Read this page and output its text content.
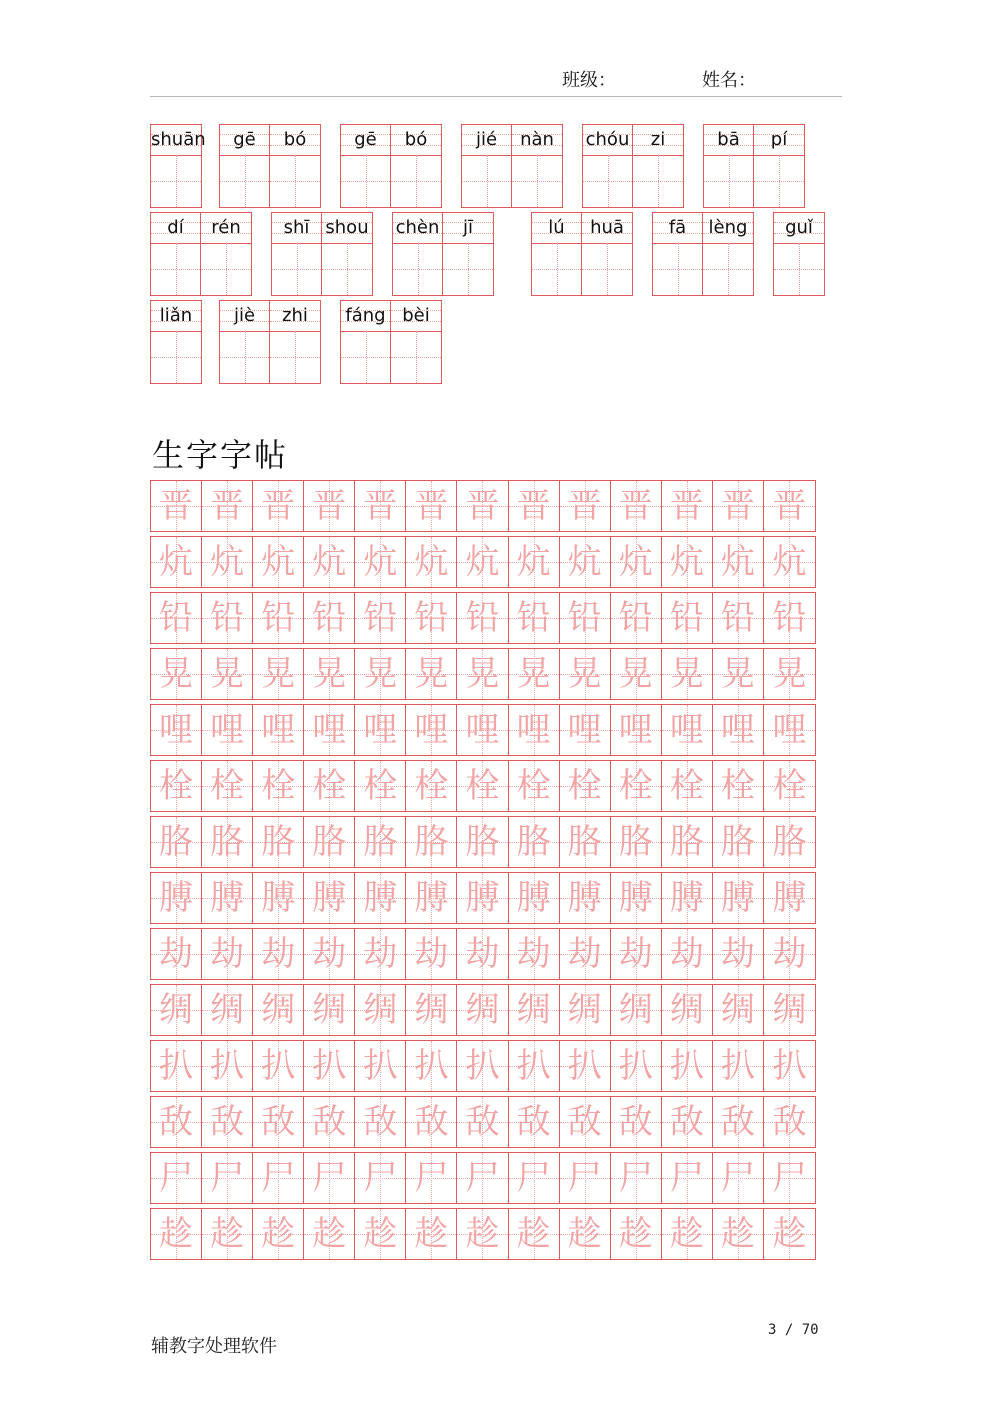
班级：	姓名：
shuān	gē	bó	gē	bó	jié	nàn	chóu	zi	bā	pí
dí	rén	shī shou chèn	jī	lú	huā	fā	lèng	guǐ
liǎn	jiè	zhi	fáng bèi
生字字帖
晋 晋 晋 晋 晋 晋 晋 晋 晋 晋 晋 晋 晋
炕 炕 炕 炕 炕 炕 炕 炕 炕 炕 炕 炕 炕
铅 铅 铅 铅 铅 铅 铅 铅 铅 铅 铅 铅 铅
晃 晃 晃 晃 晃 晃 晃 晃 晃 晃 晃 晃 晃
哩 哩 哩 哩 哩 哩 哩 哩 哩 哩 哩 哩 哩
栓 栓 栓 栓 栓 栓 栓 栓 栓 栓 栓 栓 栓
胳 胳 胳 胳 胳 胳 胳 胳 胳 胳 胳 胳 胳
膊 膊 膊 膊 膊 膊 膊 膊 膊 膊 膊 膊 膊
劫 劫 劫 劫 劫 劫 劫 劫 劫 劫 劫 劫 劫
绸 绸 绸 绸 绸 绸 绸 绸 绸 绸 绸 绸 绸
扒 扒 扒 扒 扒 扒 扒 扒 扒 扒 扒 扒 扒
敌 敌 敌 敌 敌 敌 敌 敌 敌 敌 敌 敌 敌
尸 尸 尸 尸 尸 尸 尸 尸 尸 尸 尸 尸 尸
趁 趁 趁 趁 趁 趁 趁 趁 趁 趁 趁 趁 趁
3 / 70
辅教字处理软件
